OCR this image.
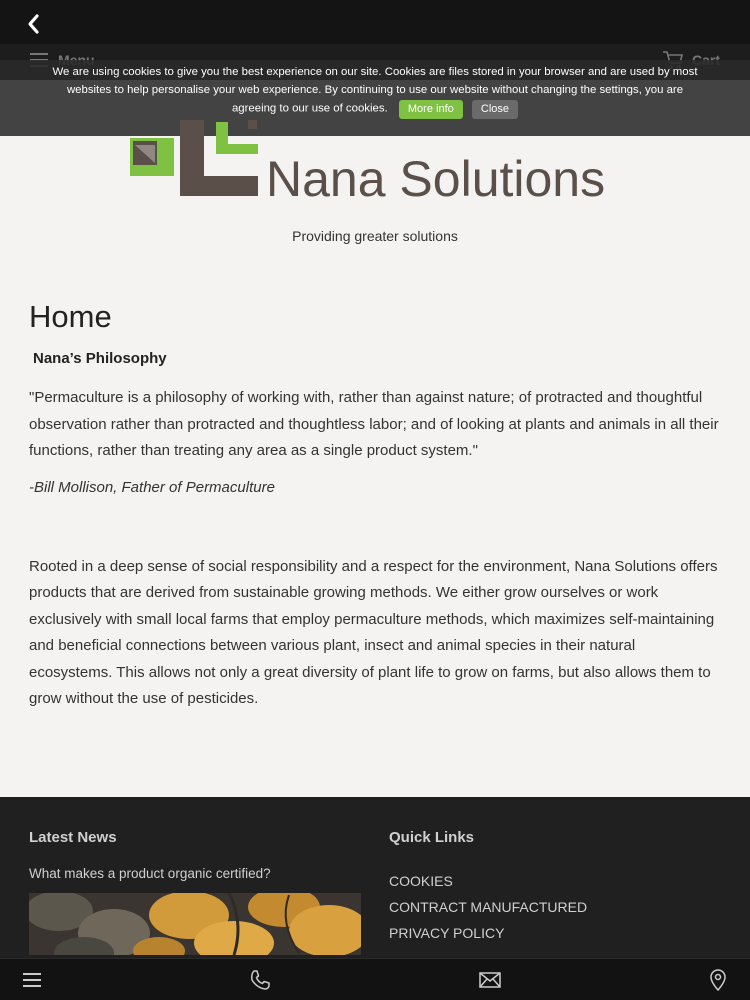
We are using cookies to give you the best experience on our site. Cookies are files stored in your browser and are used by most
websites to help personalise your web experience. By continuing to use our website without changing the settings, you are
agreeing to our use of cookies. More info Close
Nana Solutions
Providing greater solutions
Home
Nana’s Philosophy

"Permaculture is a philosophy of working with, rather than against nature; of protracted and thoughtful observation rather than protracted and thoughtless labor; and of looking at plants and animals in all their functions, rather than treating any area as a single product system."

-Bill Mollison, Father of Permaculture

Rooted in a deep sense of social responsibility and a respect for the environment, Nana Solutions offers products that are derived from sustainable growing methods. We either grow ourselves or work exclusively with small local farms that employ permaculture methods, which maximizes self-maintaining and beneficial connections between various plant, insect and animal species in their natural ecosystems. This allows not only a great diversity of plant life to grow on farms, but also allows them to grow without the use of pesticides.

Latest News
What makes a product organic certified?
Quick Links
COOKIES
CONTRACT MANUFACTURED
PRIVACY POLICY
